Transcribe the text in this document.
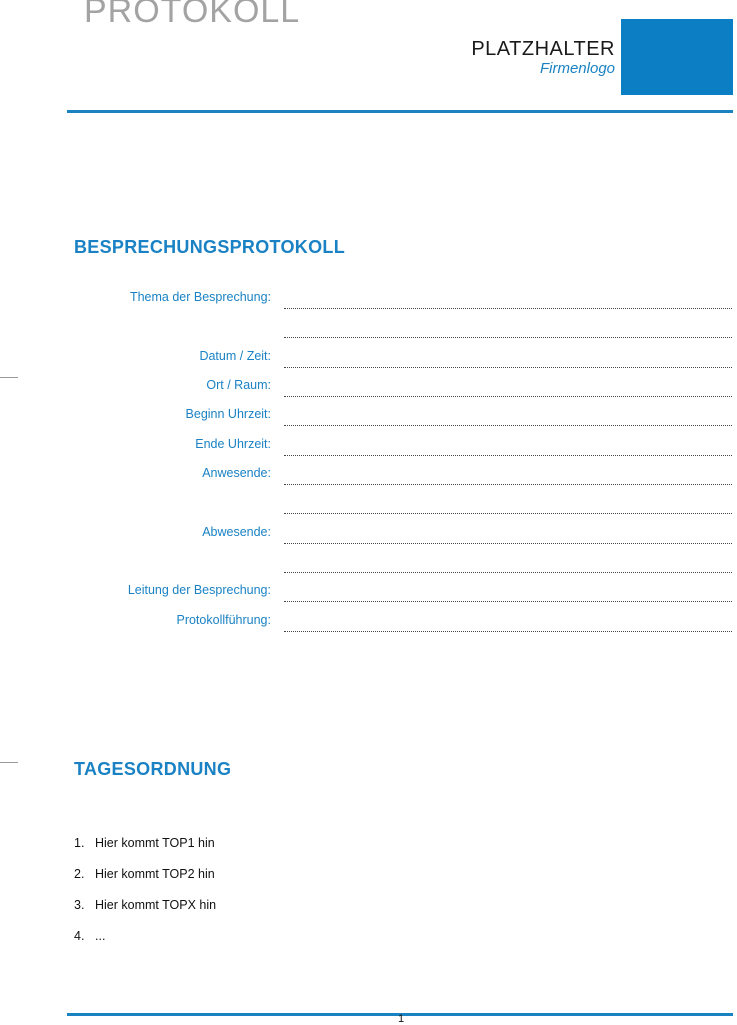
PROTOKOLL
PLATZHALTER
Firmenlogo
BESPRECHUNGSPROTOKOLL
Thema der Besprechung:
Datum / Zeit:
Ort / Raum:
Beginn Uhrzeit:
Ende Uhrzeit:
Anwesende:
Abwesende:
Leitung der Besprechung:
Protokollführung:
TAGESORDNUNG
1. Hier kommt TOP1 hin
2. Hier kommt TOP2 hin
3. Hier kommt TOPX hin
4. ...
1
